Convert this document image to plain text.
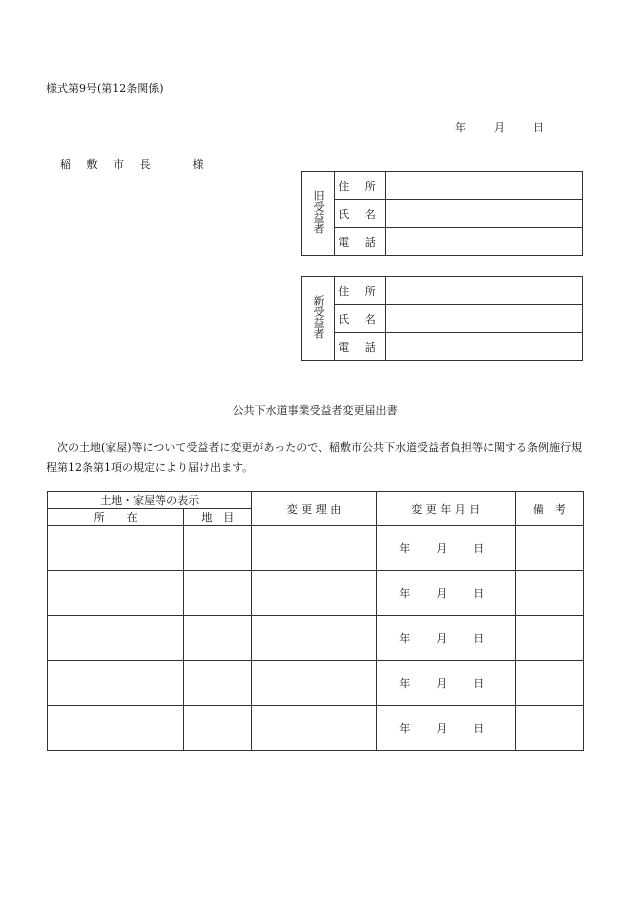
様式第9号(第12条関係)
年	月	日
稲 敷 市 長 　 様
旧受益者	住 所	
	氏 名	
	電 話	
新受益者	住 所	
	氏 名	
	電 話	
公共下水道事業受益者変更届出書
次の土地(家屋)等について受益者に変更があったので、稲敷市公共下水道受益者負担等に関する条例施行規程第12条第1項の規定により届け出ます。
土地・家屋等の表示		変 更 理 由	変 更 年 月 日	備　考
所　　在	地　目			
			年 月 日	
			年 月 日	
			年 月 日	
			年 月 日	
			年 月 日	
